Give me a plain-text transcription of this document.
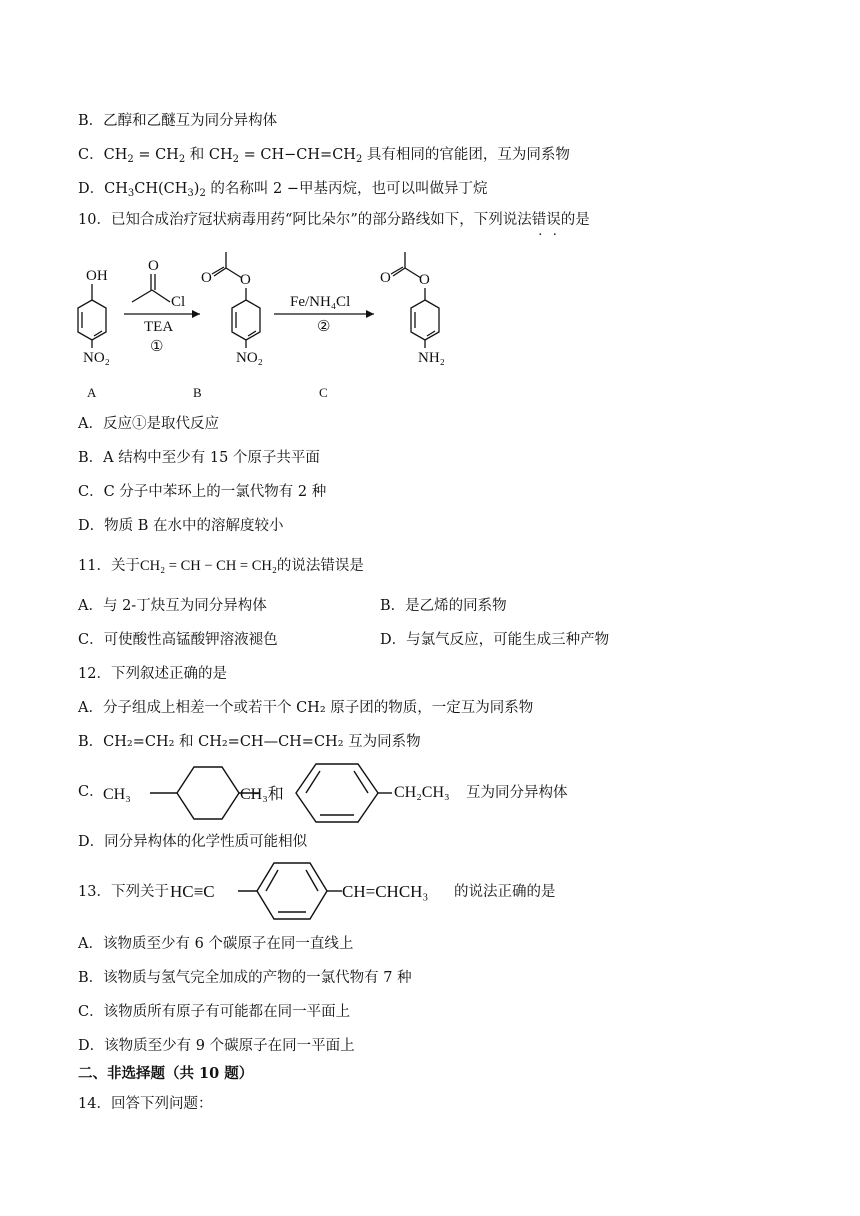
B．乙醇和乙醚互为同分异构体
C．$CH_2 = CH_2$ 和 $CH_2 = CH-CH=CH_2$ 具有相同的官能团，互为同系物
D．$CH_3CH(CH_3)_2$ 的名称叫 2 −甲基丙烷，也可以叫做异丁烷
10．已知合成治疗冠状病毒用药“阿比朵尔”的部分路线如下，下列说法错误的是
OH
NO₂
O
Cl
TEA
①
O
O
NO₂
Fe/NH₄Cl
②
O
O
NH₂
A	B	C
A．反应①是取代反应
B．A 结构中至少有 15 个原子共平面
C．C 分子中苯环上的一氯代物有 2 种
D．物质 B 在水中的溶解度较小
11．关于CH₂ = CH − CH = CH₂的说法错误是
A．与 2-丁炔互为同分异构体	B．是乙烯的同系物
C．可使酸性高锰酸钾溶液褪色	D．与氯气反应，可能生成三种产物
12．下列叙述正确的是
A．分子组成上相差一个或若干个 CH₂ 原子团的物质，一定互为同系物
B．CH₂=CH₂ 和 CH₂=CH—CH=CH₂ 互为同系物
C． CH₃	CH₃和	CH₂CH₃ 互为同分异构体
D．同分异构体的化学性质可能相似
13．下列关于 HC≡C	CH=CHCH₃ 的说法正确的是
A．该物质至少有 6 个碳原子在同一直线上
B．该物质与氢气完全加成的产物的一氯代物有 7 种
C．该物质所有原子有可能都在同一平面上
D．该物质至少有 9 个碳原子在同一平面上
二、非选择题（共 10 题）
14．回答下列问题：
